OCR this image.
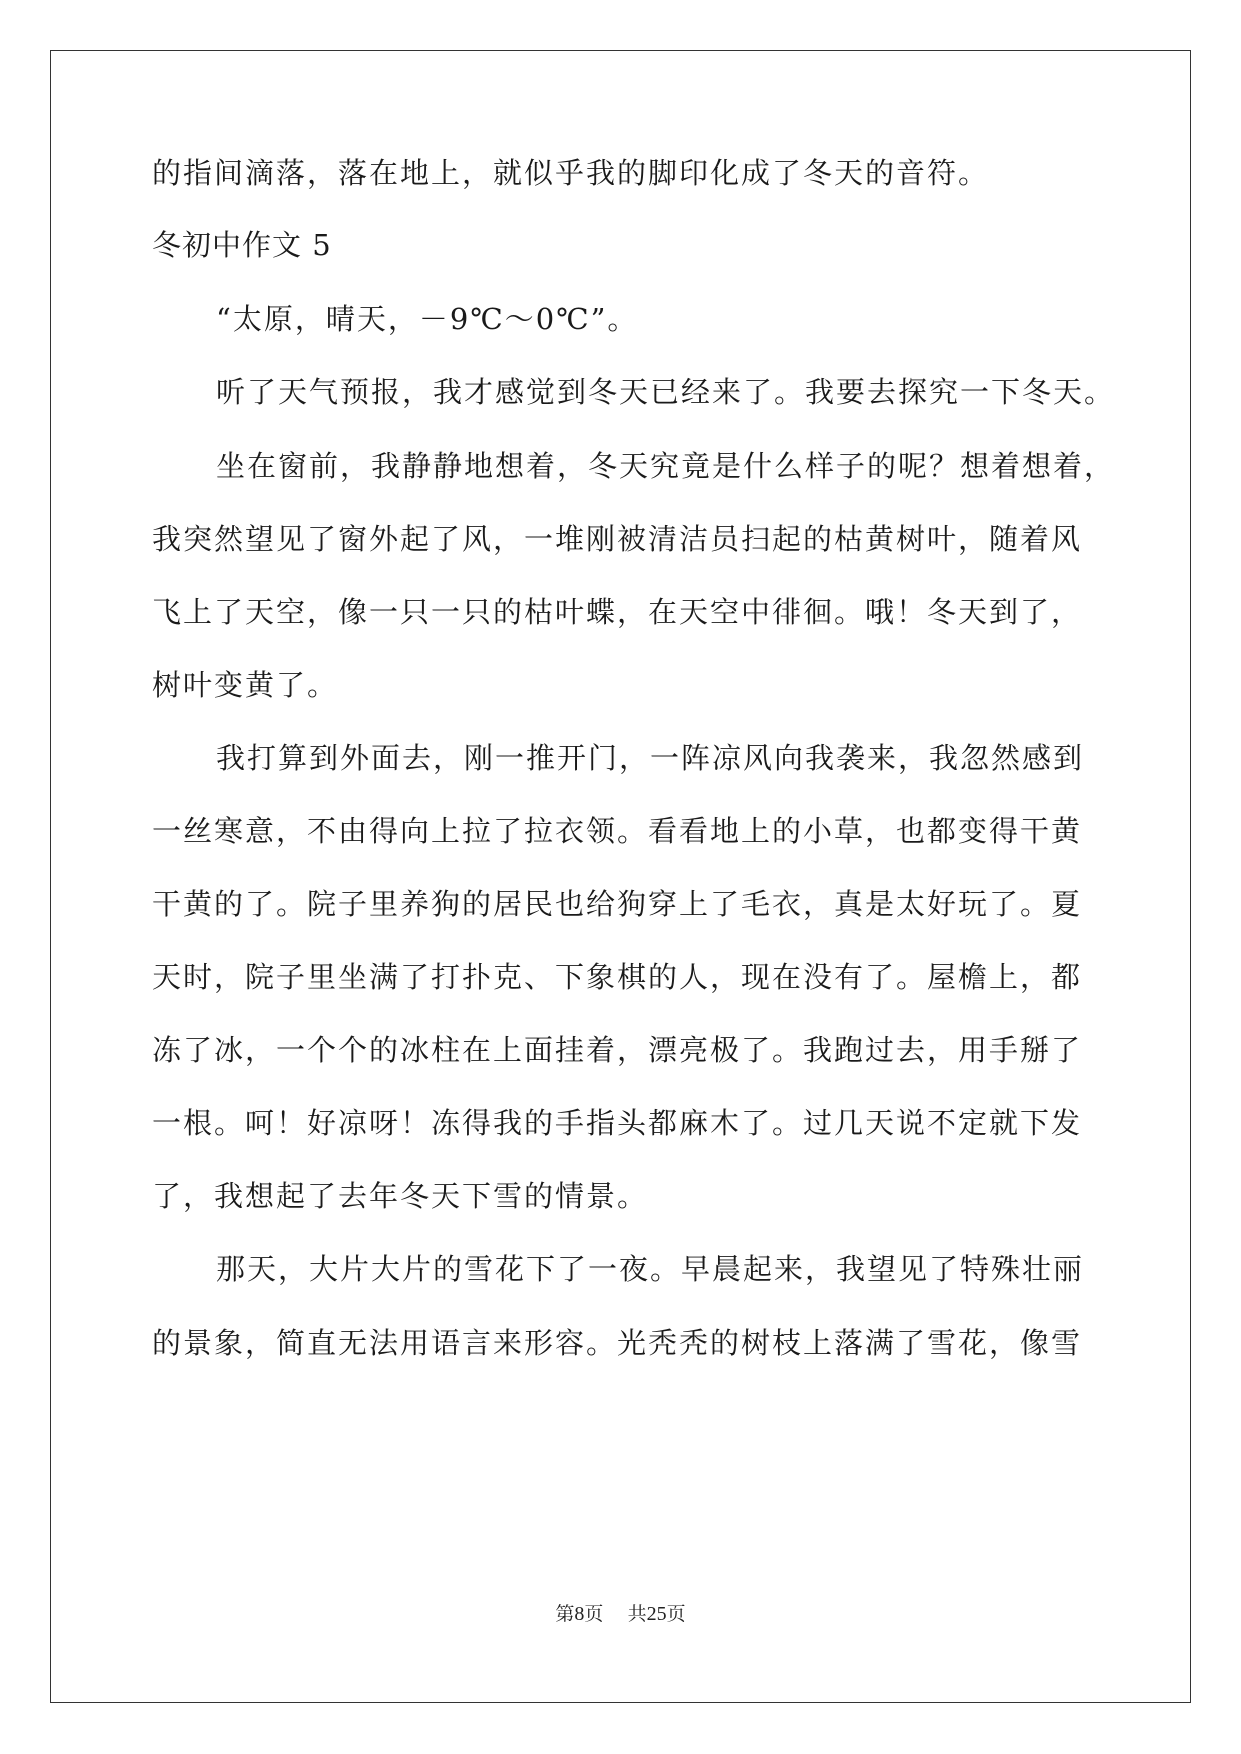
的指间滴落，落在地上，就似乎我的脚印化成了冬天的音符。
冬初中作文 5
“太原，晴天，－9℃～0℃”。
听了天气预报，我才感觉到冬天已经来了。我要去探究一下冬天。
坐在窗前，我静静地想着，冬天究竟是什么样子的呢？想着想着，
我突然望见了窗外起了风，一堆刚被清洁员扫起的枯黄树叶，随着风
飞上了天空，像一只一只的枯叶蝶，在天空中徘徊。哦！冬天到了，
树叶变黄了。
我打算到外面去，刚一推开门，一阵凉风向我袭来，我忽然感到
一丝寒意，不由得向上拉了拉衣领。看看地上的小草，也都变得干黄
干黄的了。院子里养狗的居民也给狗穿上了毛衣，真是太好玩了。夏
天时，院子里坐满了打扑克、下象棋的人，现在没有了。屋檐上，都
冻了冰，一个个的冰柱在上面挂着，漂亮极了。我跑过去，用手掰了
一根。呵！好凉呀！冻得我的手指头都麻木了。过几天说不定就下发
了，我想起了去年冬天下雪的情景。
那天，大片大片的雪花下了一夜。早晨起来，我望见了特殊壮丽
的景象，简直无法用语言来形容。光秃秃的树枝上落满了雪花，像雪
第8页 共25页
